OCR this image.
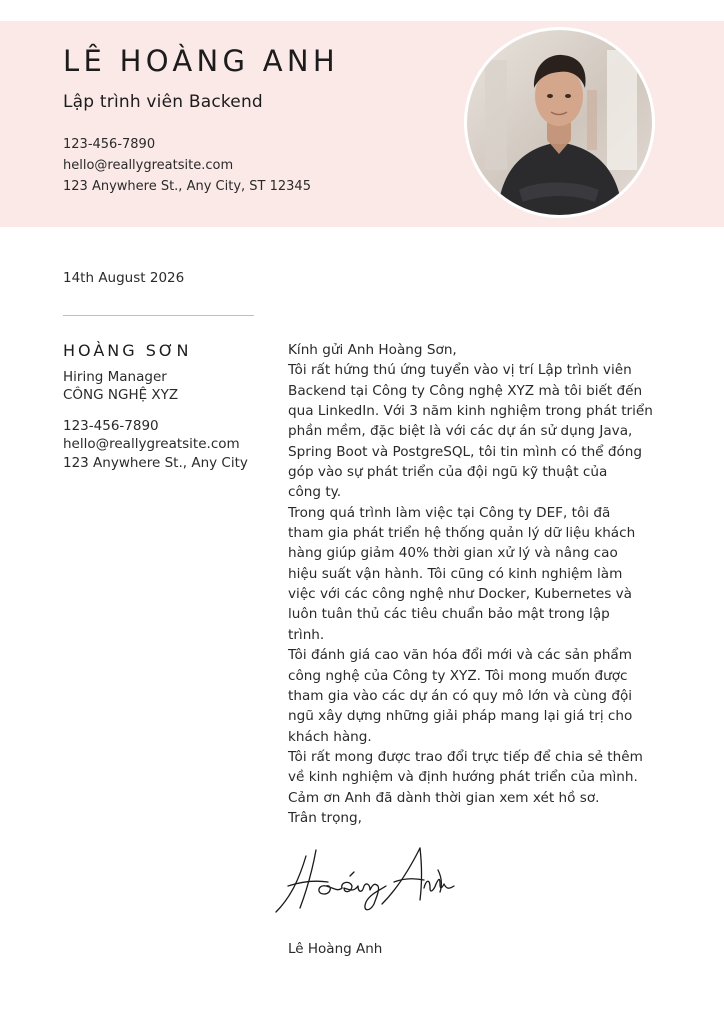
LÊ HOÀNG ANH
Lập trình viên Backend
123-456-7890
hello@reallygreatsite.com
123 Anywhere St., Any City, ST 12345
14th August 2026
HOÀNG SƠN
Hiring Manager
CÔNG NGHỆ XYZ
123-456-7890
hello@reallygreatsite.com
123 Anywhere St., Any City
Kính gửi Anh Hoàng Sơn,
Tôi rất hứng thú ứng tuyển vào vị trí Lập trình viên
Backend tại Công ty Công nghệ XYZ mà tôi biết đến
qua LinkedIn. Với 3 năm kinh nghiệm trong phát triển
phần mềm, đặc biệt là với các dự án sử dụng Java,
Spring Boot và PostgreSQL, tôi tin mình có thể đóng
góp vào sự phát triển của đội ngũ kỹ thuật của
công ty.
Trong quá trình làm việc tại Công ty DEF, tôi đã
tham gia phát triển hệ thống quản lý dữ liệu khách
hàng giúp giảm 40% thời gian xử lý và nâng cao
hiệu suất vận hành. Tôi cũng có kinh nghiệm làm
việc với các công nghệ như Docker, Kubernetes và
luôn tuân thủ các tiêu chuẩn bảo mật trong lập
trình.
Tôi đánh giá cao văn hóa đổi mới và các sản phẩm
công nghệ của Công ty XYZ. Tôi mong muốn được
tham gia vào các dự án có quy mô lớn và cùng đội
ngũ xây dựng những giải pháp mang lại giá trị cho
khách hàng.
Tôi rất mong được trao đổi trực tiếp để chia sẻ thêm
về kinh nghiệm và định hướng phát triển của mình.
Cảm ơn Anh đã dành thời gian xem xét hồ sơ.
Trân trọng,
Lê Hoàng Anh
